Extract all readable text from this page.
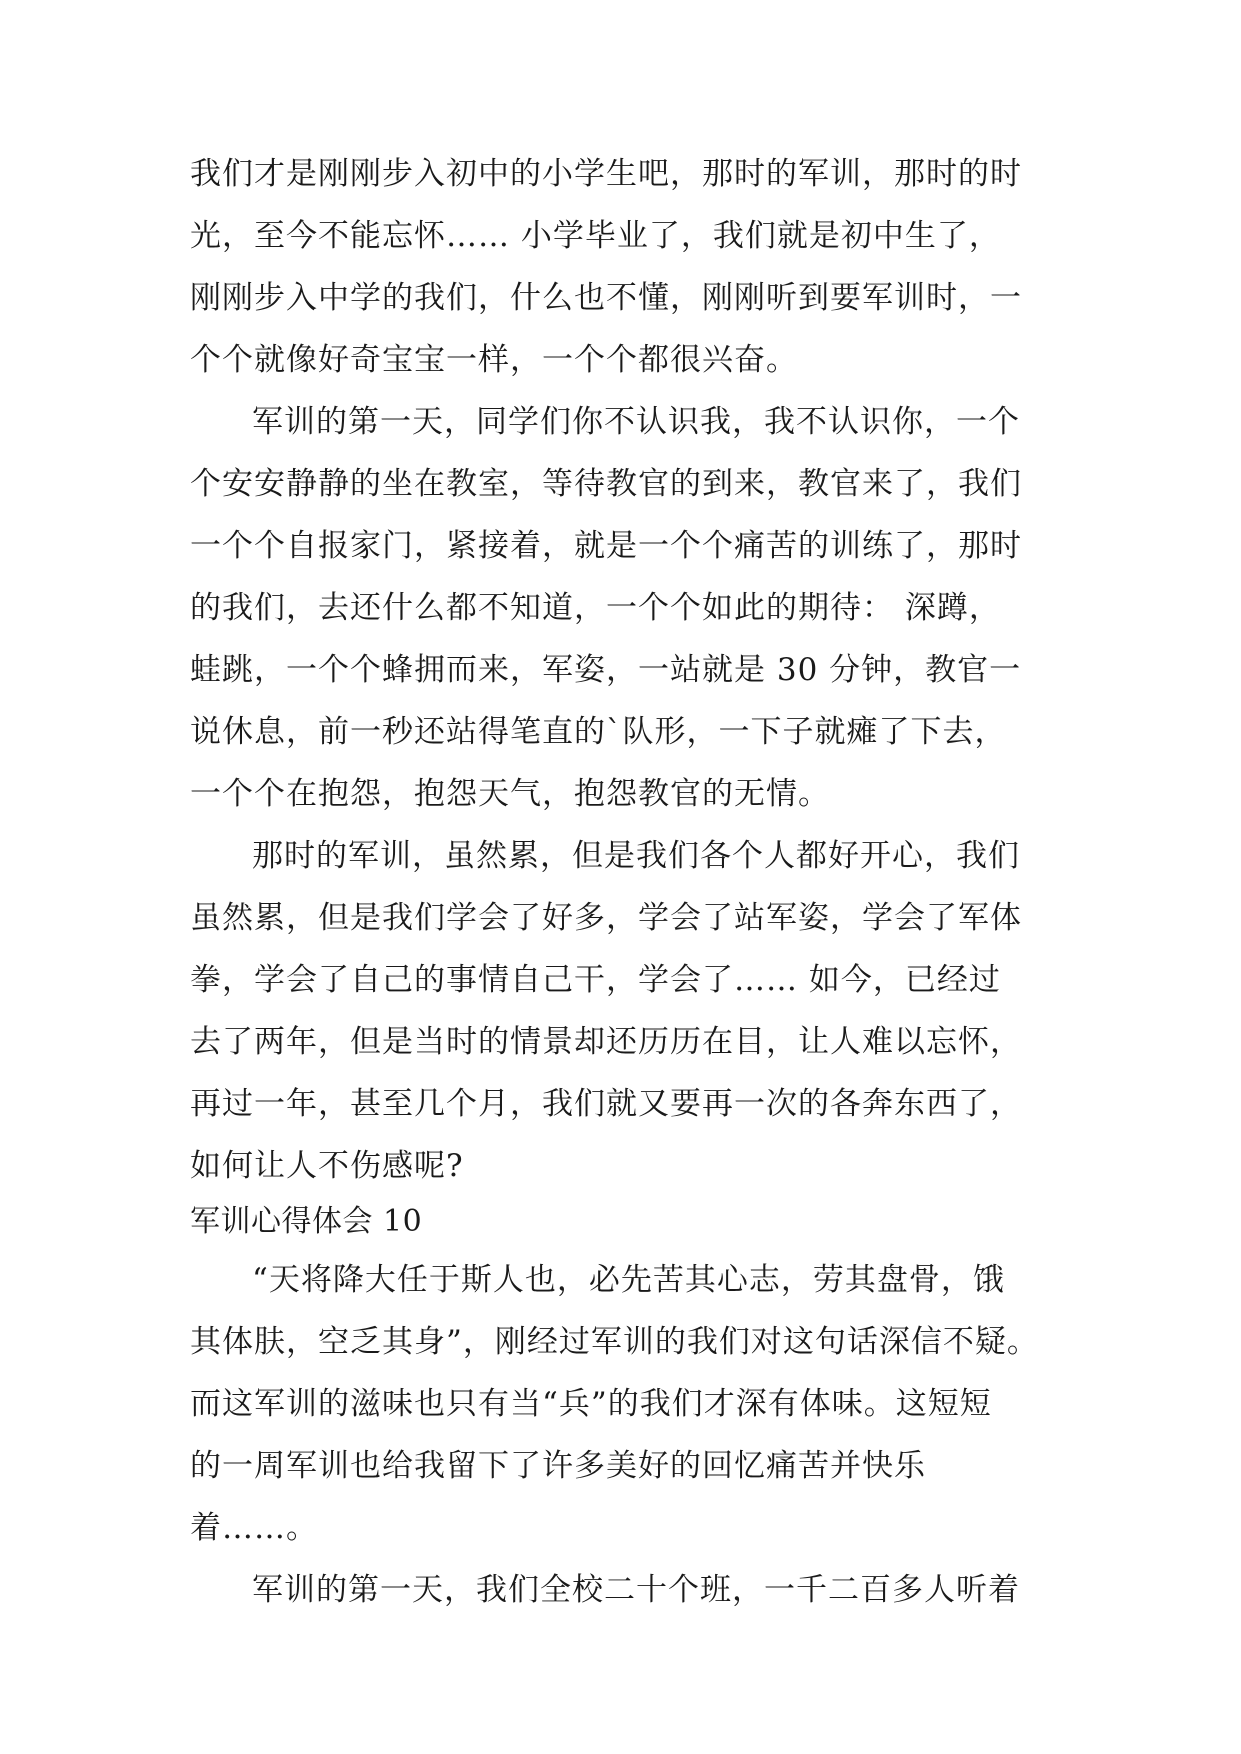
我们才是刚刚步入初中的小学生吧，那时的军训，那时的时
光，至今不能忘怀…… 小学毕业了，我们就是初中生了，
刚刚步入中学的我们，什么也不懂，刚刚听到要军训时，一
个个就像好奇宝宝一样，一个个都很兴奋。
军训的第一天，同学们你不认识我，我不认识你，一个
个安安静静的坐在教室，等待教官的到来，教官来了，我们
一个个自报家门，紧接着，就是一个个痛苦的训练了，那时
的我们，去还什么都不知道，一个个如此的期待： 深蹲，
蛙跳，一个个蜂拥而来，军姿，一站就是 30 分钟，教官一
说休息，前一秒还站得笔直的`队形，一下子就瘫了下去，
一个个在抱怨，抱怨天气，抱怨教官的无情。
那时的军训，虽然累，但是我们各个人都好开心，我们
虽然累，但是我们学会了好多，学会了站军姿，学会了军体
拳，学会了自己的事情自己干，学会了…… 如今，已经过
去了两年，但是当时的情景却还历历在目，让人难以忘怀，
再过一年，甚至几个月，我们就又要再一次的各奔东西了，
如何让人不伤感呢?
军训心得体会 10
“天将降大任于斯人也，必先苦其心志，劳其盘骨，饿
其体肤，空乏其身”，刚经过军训的我们对这句话深信不疑。
而这军训的滋味也只有当“兵”的我们才深有体味。这短短
的一周军训也给我留下了许多美好的回忆痛苦并快乐
着……。
军训的第一天，我们全校二十个班，一千二百多人听着
